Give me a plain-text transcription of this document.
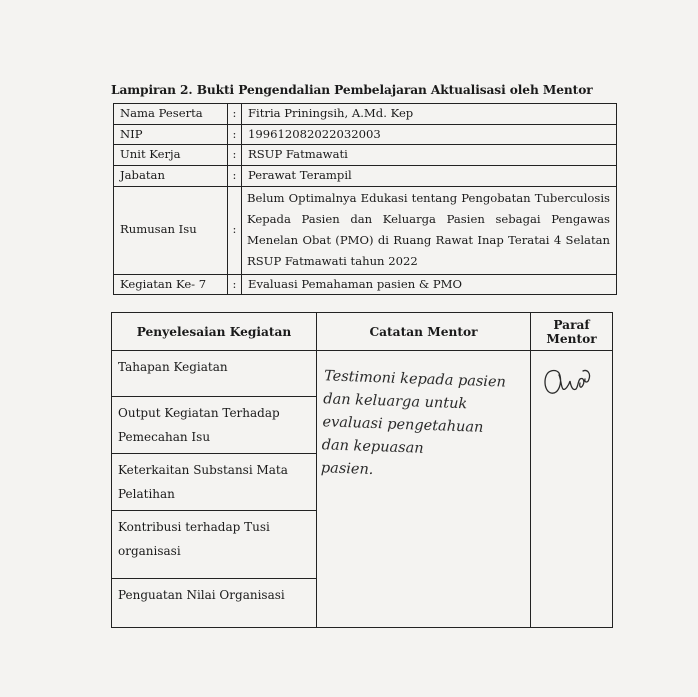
Lampiran 2. Bukti Pengendalian Pembelajaran Aktualisasi oleh Mentor
Nama Peserta	:	Fitria Priningsih, A.Md. Kep
NIP	:	199612082022032003
Unit Kerja	:	RSUP Fatmawati
Jabatan	:	Perawat Terampil
Rumusan Isu	:	Belum Optimalnya Edukasi tentang Pengobatan Tuberculosis Kepada Pasien dan Keluarga Pasien sebagai Pengawas Menelan Obat (PMO) di Ruang Rawat Inap Teratai 4 Selatan RSUP Fatmawati tahun 2022
Kegiatan Ke- 7	:	Evaluasi Pemahaman pasien & PMO
Penyelesaian Kegiatan	Catatan Mentor	Paraf Mentor
Tahapan Kegiatan	Testimoni kepada pasien
dan keluarga untuk
evaluasi pengetahuan
dan kepuasan
pasien.

Output Kegiatan Terhadap Pemecahan Isu		
Keterkaitan Substansi Mata Pelatihan		
Kontribusi terhadap Tusi organisasi		
Penguatan Nilai Organisasi		
